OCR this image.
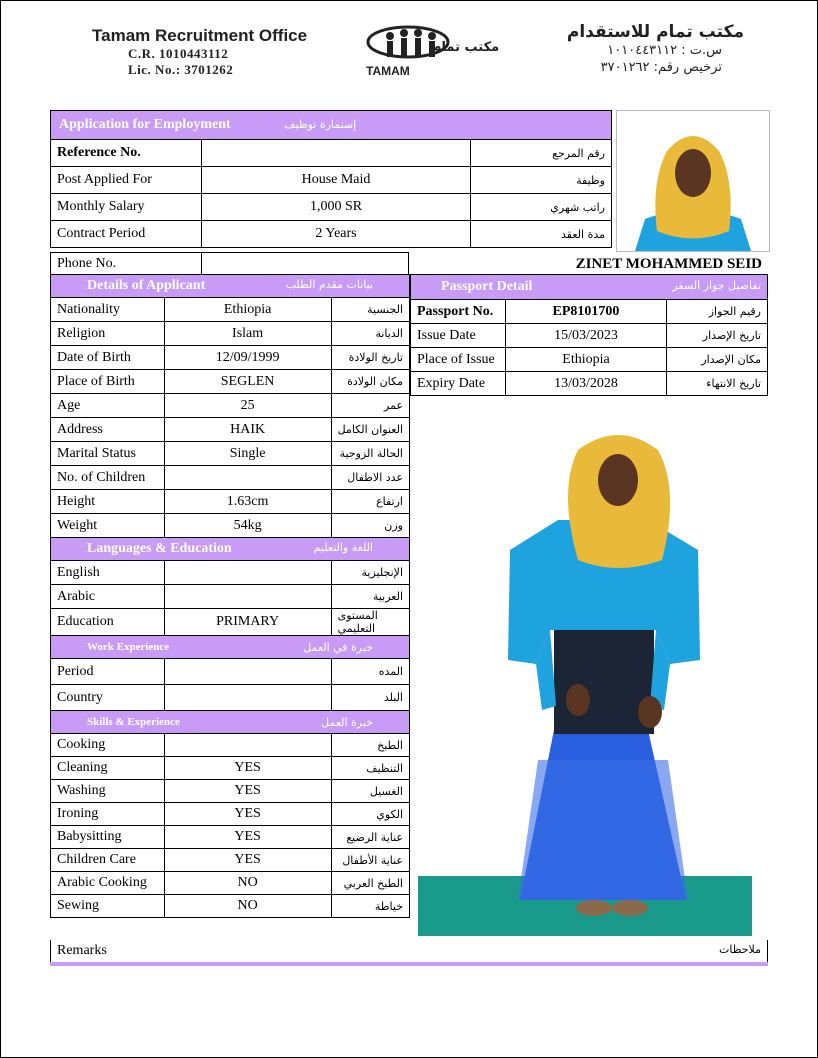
Tamam Recruitment Office
C.R. 1010443112
Lic. No.: 3701262	TAMAM
مكتب تمام
مكتب تمام للاستقدام
س.ت : ١٠١٠٤٤٣١١٢
ترخيص رقم: ٣٧٠١٢٦٢
Application for Employment إستمارة توظيف		
Reference No.		رقم المرجع
Post Applied For	House Maid	وظيفة
Monthly Salary	1,000 SR	راتب شهري
Contract Period	2 Years	مدة العقد
Phone No.		ZINET MOHAMMED SEID
Details of Applicant بيانات مقدم الطلب		

Nationality	Ethiopia	الجنسية
Religion	Islam	الديانة
Date of Birth	12/09/1999	تاريخ الولادة
Place of Birth	SEGLEN	مكان الولادة
Age	25	عمر
Address	HAIK	العنوان الكامل
Marital Status	Single	الحالة الزوجية
No. of Children		عدد الاطفال
Height	1.63cm	ارتفاع
Weight	54kg	وزن
Languages & Education اللغة والتعليم		

English		الإنجليزية
Arabic		العربية
Education	PRIMARY	المستوى التعليمي
Work Experience خبرة في العمل		

Period		المده
Country		البلد
Skills & Experience خبرة العمل		

Cooking		الطبخ
Cleaning	YES	التنظيف
Washing	YES	الغسيل
Ironing	YES	الكوي
Babysitting	YES	عناية الرضيع
Children Care	YES	عناية الأطفال
Arabic Cooking	NO	الطبخ العربي
Sewing	NO	خياطة
Passport Detail تفاصيل جواز السفر		

Passport No.	EP8101700	رقيم الجواز
Issue Date	15/03/2023	تاريخ الإصدار
Place of Issue	Ethiopia	مكان الإصدار
Expiry Date	13/03/2028	تاريخ الانتهاء
Remarks	ملاحظات
